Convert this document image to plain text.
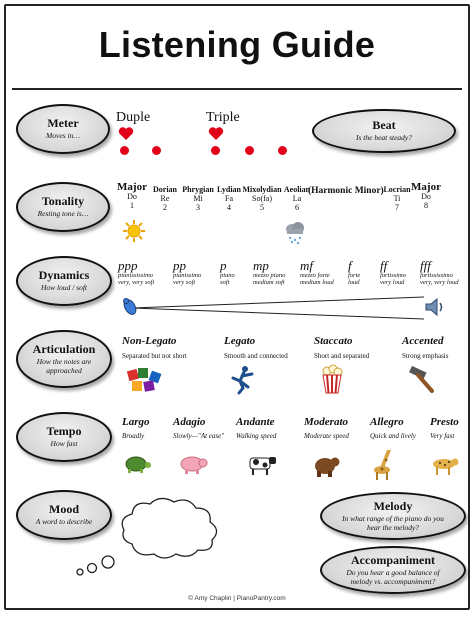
Listening Guide
Meter
Moves in…
Duple	Triple
Beat
Is the beat steady?
Tonality
Resting tone is…
Major
Do
1
Dorian
Re
2
Phrygian
Mi
3
Lydian
Fa
4
Mixolydian
So(fa)
5
Aeolian
La
6
(Harmonic Minor) Locrian
Ti
7
Major
Do
8
Dynamics
How loud / soft
ppp
pianississimo
very, very soft
pp
pianissimo
very soft
p
piano
soft
mp
mezzo piano
medium soft
mf
mezzo forte
medium loud
f
forte
loud
ff
fortissimo
very loud
fff
fortississimo
very, very loud
Articulation
How the notes are approached
Non-Legato
Separated but not short
Legato
Smooth and connected
Staccato
Short and separated
Accented
Strong emphasis
Tempo
How fast
Largo
Broadly
Adagio
Slowly—"At ease"
Andante
Walking speed
Moderato
Moderate speed
Allegro
Quick and lively
Presto
Very fast
Mood
A word to describe
Melody
In what range of the piano do you hear the melody?
Accompaniment
Do you hear a good balance of melody vs. accompaniment?
© Amy Chaplin | PianoPantry.com
